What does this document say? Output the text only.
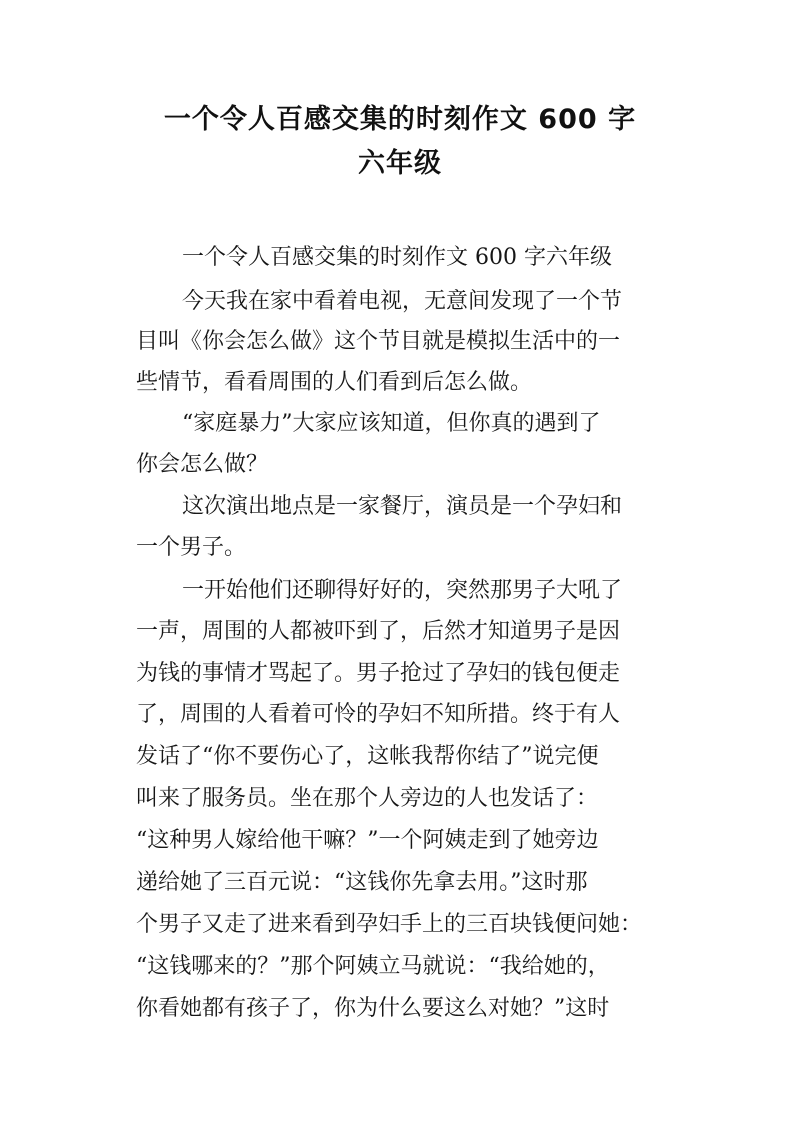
一个令人百感交集的时刻作文 600 字
六年级
一个令人百感交集的时刻作文 600 字六年级
今天我在家中看着电视，无意间发现了一个节
目叫《你会怎么做》这个节目就是模拟生活中的一
些情节，看看周围的人们看到后怎么做。
“家庭暴力”大家应该知道，但你真的遇到了
你会怎么做？
这次演出地点是一家餐厅，演员是一个孕妇和
一个男子。
一开始他们还聊得好好的，突然那男子大吼了
一声，周围的人都被吓到了，后然才知道男子是因
为钱的事情才骂起了。男子抢过了孕妇的钱包便走
了，周围的人看着可怜的孕妇不知所措。终于有人
发话了“你不要伤心了，这帐我帮你结了”说完便
叫来了服务员。坐在那个人旁边的人也发话了：
“这种男人嫁给他干嘛？”一个阿姨走到了她旁边
递给她了三百元说：“这钱你先拿去用。”这时那
个男子又走了进来看到孕妇手上的三百块钱便问她：
“这钱哪来的？”那个阿姨立马就说：“我给她的，
你看她都有孩子了，你为什么要这么对她？”这时
